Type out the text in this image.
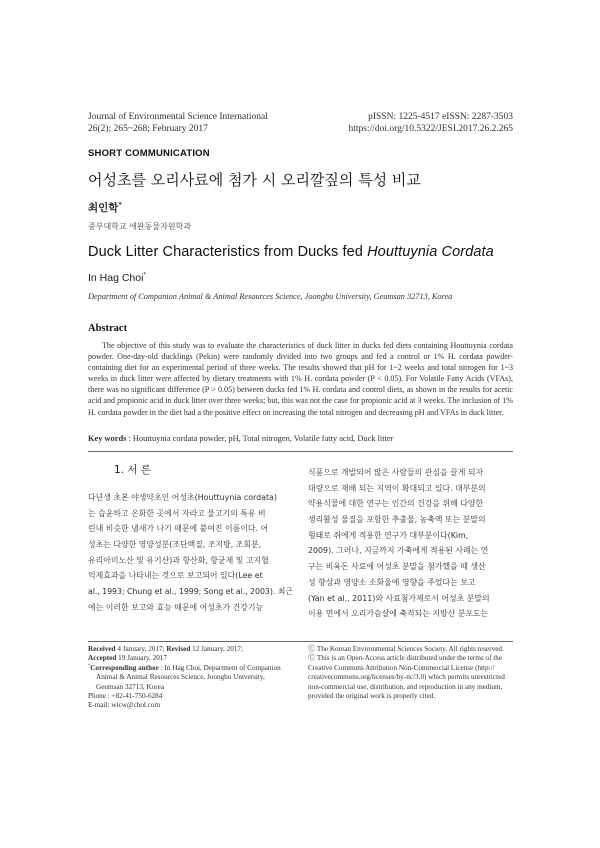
Journal of Environmental Science International
26(2); 265~268; February 2017
pISSN: 1225-4517 eISSN: 2287-3503
https://doi.org/10.5322/JESI.2017.26.2.265
SHORT COMMUNICATION
어성초를 오리사료에 첨가 시 오리깔짚의 특성 비교
최인학*
중부대학교 애완동물자원학과
Duck Litter Characteristics from Ducks fed Houttuynia Cordata
In Hag Choi*
Department of Companion Animal & Animal Resources Science, Joongbu University, Geumsan 32713, Korea
Abstract

The objective of this study was to evaluate the characteristics of duck litter in ducks fed diets containing Houttuynia cordata powder. One-day-old ducklings (Pekin) were randomly divided into two groups and fed a control or 1% H. cordata powder-containing diet for an experimental period of three weeks. The results showed that pH for 1~2 weeks and total nitrogen for 1~3 weeks in duck litter were affected by dietary treatments with 1% H. cordata powder (P < 0.05). For Volatile Fatty Acids (VFAs), there was no significant difference (P > 0.05) between ducks fed 1% H. cordata and control diets, as shown in the results for acetic acid and propionic acid in duck litter over three weeks; but, this was not the case for propionic acid at 3 weeks. The inclusion of 1% H. cordata powder in the diet had a the positive effect on increasing the total nitrogen and decreasing pH and VFAs in duck litter.

Key words : Houttuynia cordata powder, pH, Total nitrogen, Volatile fatty acid, Duck litter
1. 서 론
다년생 초본 야생약초인 어성초(Houttuynia cordata)
는 습윤하고 온화한 곳에서 자라고 물고기의 특유 비
린내 비슷한 냄새가 나기 때문에 붙여진 이름이다. 어
성초는 다양한 영양성분(조단백질, 조지방, 조회분,
유리아미노산 및 유기산)과 항산화, 항균제 및 고지혈
억제효과을 나타내는 것으로 보고되어 있다(Lee et
al., 1993; Chung et al., 1999; Song et al., 2003). 최근
에는 이러한 보고와 효능 때문에 어성초가 건강기능
식품으로 개발되어 많은 사람들의 관심을 끌게 되자
대량으로 재배 되는 지역이 확대되고 있다. 대부분의
약용식물에 대한 연구는 인간의 건강을 위해 다양한
생리활성 물질을 포함한 추출물, 농축액 또는 분말의
형태로 쥐에게 적용한 연구가 대부분이다(Kim,
2009). 그러나, 지금까지 가축에게 적용된 사례는 연
구는 비육돈 사료에 어성초 분말을 첨가했을 때 생산
성 향상과 영양소 소화율에 영향을 주었다는 보고
(Yan et al., 2011)와 사료첨가제로서 어성초 분말의
이용 면에서 오리가슴살에 축적되는 지방산 분포도는
Received 4 January, 2017; Revised 12 January, 2017;
Accepted 19 January, 2017
*Corresponding author : In Hag Choi, Department of Companion
Animal & Animal Resources Science, Joongbu University,
Geumsan 32713, Korea
Phone : +82-41-750-6284
E-mail: wicw@chol.com
Ⓒ The Korean Environmental Sciences Society. All rights reserved.
Ⓒ This is an Open-Access article distributed under the terms of the
Creative Commons Attribution Non-Commercial License (http://
creativecommons.org/licenses/by-nc/3.0) which permits unrestricted
non-commercial use, distribution, and reproduction in any medium,
provided the original work is properly cited.
